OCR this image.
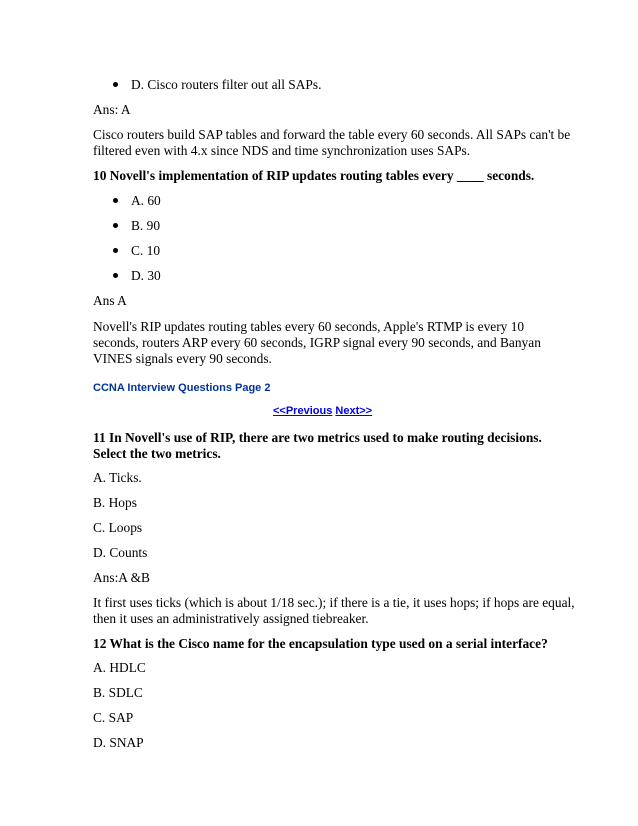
D. Cisco routers filter out all SAPs.

Ans: A

Cisco routers build SAP tables and forward the table every 60 seconds. All SAPs can't be

filtered even with 4.x since NDS and time synchronization uses SAPs.

10 Novell's implementation of RIP updates routing tables every ____ seconds.

A. 60
B. 90
C. 10
D. 30

Ans A

Novell's RIP updates routing tables every 60 seconds, Apple's RTMP is every 10

seconds, routers ARP every 60 seconds, IGRP signal every 90 seconds, and Banyan

VINES signals every 90 seconds.

CCNA Interview Questions Page 2
<<Previous Next>>

11 In Novell's use of RIP, there are two metrics used to make routing decisions.

Select the two metrics.

A. Ticks.

B. Hops

C. Loops

D. Counts

Ans:A &B

It first uses ticks (which is about 1/18 sec.); if there is a tie, it uses hops; if hops are equal,

then it uses an administratively assigned tiebreaker.

12 What is the Cisco name for the encapsulation type used on a serial interface?

A. HDLC

B. SDLC

C. SAP

D. SNAP
